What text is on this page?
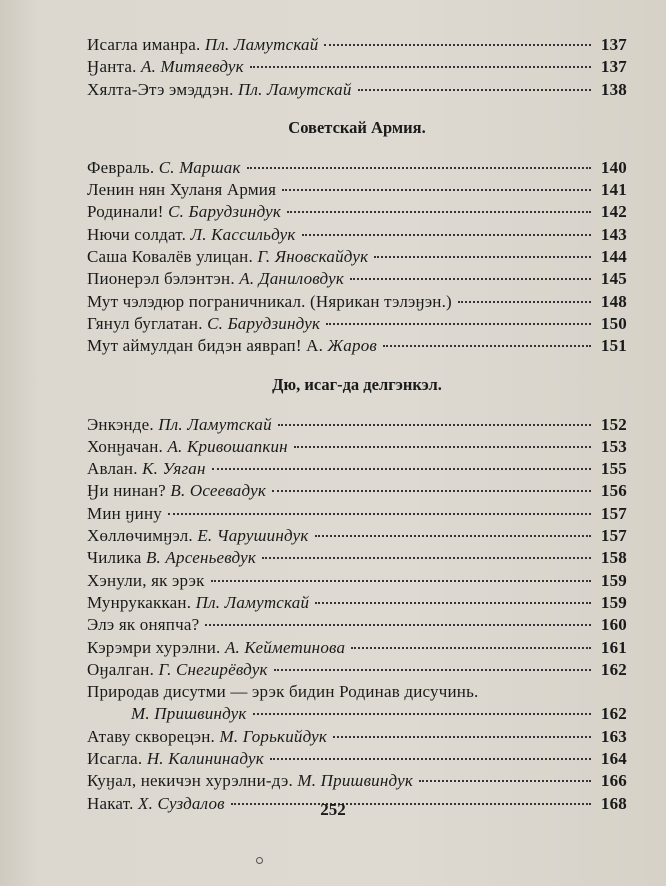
Исагла иманра. Пл. Ламутскай	137
Ӈанта. А. Митяевдук	137
Хялта-Этэ эмэддэн. Пл. Ламутскай	138
Советскай Армия.
Февраль. С. Маршак	140
Ленин нян Хуланя Армия	141
Родинали! С. Барудзиндук	142
Нючи солдат. Л. Кассильдук	143
Саша Ковалёв улицан. Г. Яновскайдук	144
Пионерэл бэлэнтэн. А. Даниловдук	145
Мут чэлэдюр пограничникал. (Нярикан тэлэӈэн.)	148
Гянул буглатан. С. Барудзиндук	150
Мут аймулдан бидэн аяврап! А. Жаров	151
Дю, исаг-да делгэнкэл.
Энкэнде. Пл. Ламутскай	152
Хонӈачан. А. Кривошапкин	153
Авлан. К. Уяган	155
Ӈи нинан? В. Осеевадук	156
Мин ӈину	157
Хөллөчимӈэл. Е. Чарушиндук	157
Чилика В. Арсеньевдук	158
Хэнули, як эрэк	159
Мунрукаккан. Пл. Ламутскай	159
Элэ як оняпча?	160
Кэрэмри хурэлни. А. Кейметинова	161
Оӈалган. Г. Снегирёвдук	162
Природав дисутми — эрэк бидин Родинав дисучинь.
М. Пришвиндук	162
Атаву скворецэн. М. Горькийдук	163
Исагла. Н. Калининадук	164
Куӈал, некичэн хурэлни-дэ. М. Пришвиндук	166
Накат. Х. Суздалов	168
252
